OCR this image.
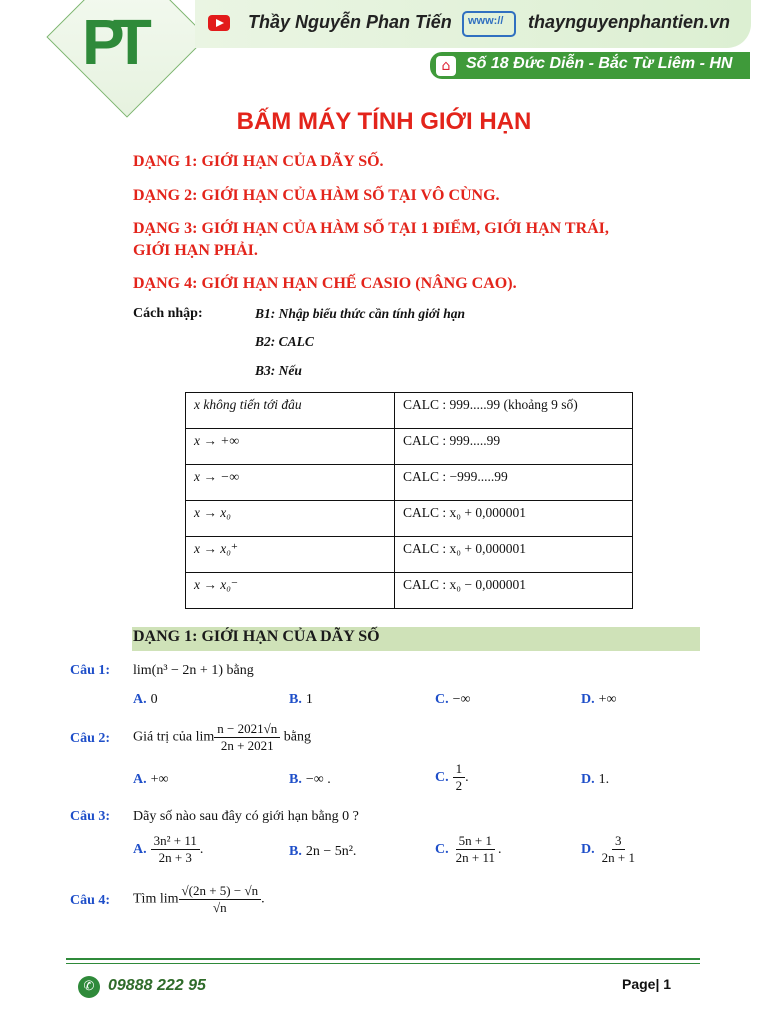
PT	Thầy Nguyễn Phan Tiến	www://	thaynguyenphantien.vn
⌂ Số 18 Đức Diễn - Bắc Từ Liêm - HN
BẤM MÁY TÍNH GIỚI HẠN
DẠNG 1: GIỚI HẠN CỦA DÃY SỐ.
DẠNG 2: GIỚI HẠN CỦA HÀM SỐ TẠI VÔ CÙNG.
DẠNG 3: GIỚI HẠN CỦA HÀM SỐ TẠI 1 ĐIỂM, GIỚI HẠN TRÁI,
GIỚI HẠN PHẢI.
DẠNG 4: GIỚI HẠN HẠN CHẾ CASIO (NÂNG CAO).
Cách nhập:	B1: Nhập biểu thức cần tính giới hạn
B2: CALC
B3: Nếu
x không tiến tới đâu	CALC : 999.....99 (khoảng 9 số)
x → +∞	CALC : 999.....99
x → −∞	CALC : −999.....99
x → x₀	CALC : x₀ + 0,000001
x → x₀⁺	CALC : x₀ + 0,000001
x → x₀⁻	CALC : x₀ − 0,000001
DẠNG 1: GIỚI HẠN CỦA DÃY SỐ
Câu 1: lim(n³ − 2n + 1) bằng
A. 0	B. 1	C. −∞	D. +∞
Câu 2: Giá trị của $\lim \frac{n - 2021√n}{2n + 2021}$ bằng
A. +∞	B. −∞ .	C. $\frac{1}{2}$ .	D. 1.
Câu 3: Dãy số nào sau đây có giới hạn bằng 0 ?
A. $\frac{\text{3n² + 11}}{2n + 3}$ .	B. 2n − 5n².	C. $\frac{5n + 1}{2n + 11}$ .	D. $\frac{3}{2n + 1}$
Câu 4: Tìm $\lim \frac{√(2n + 5) - √n}{√n}$ .
✆ 09888 222 95	Page| 1
